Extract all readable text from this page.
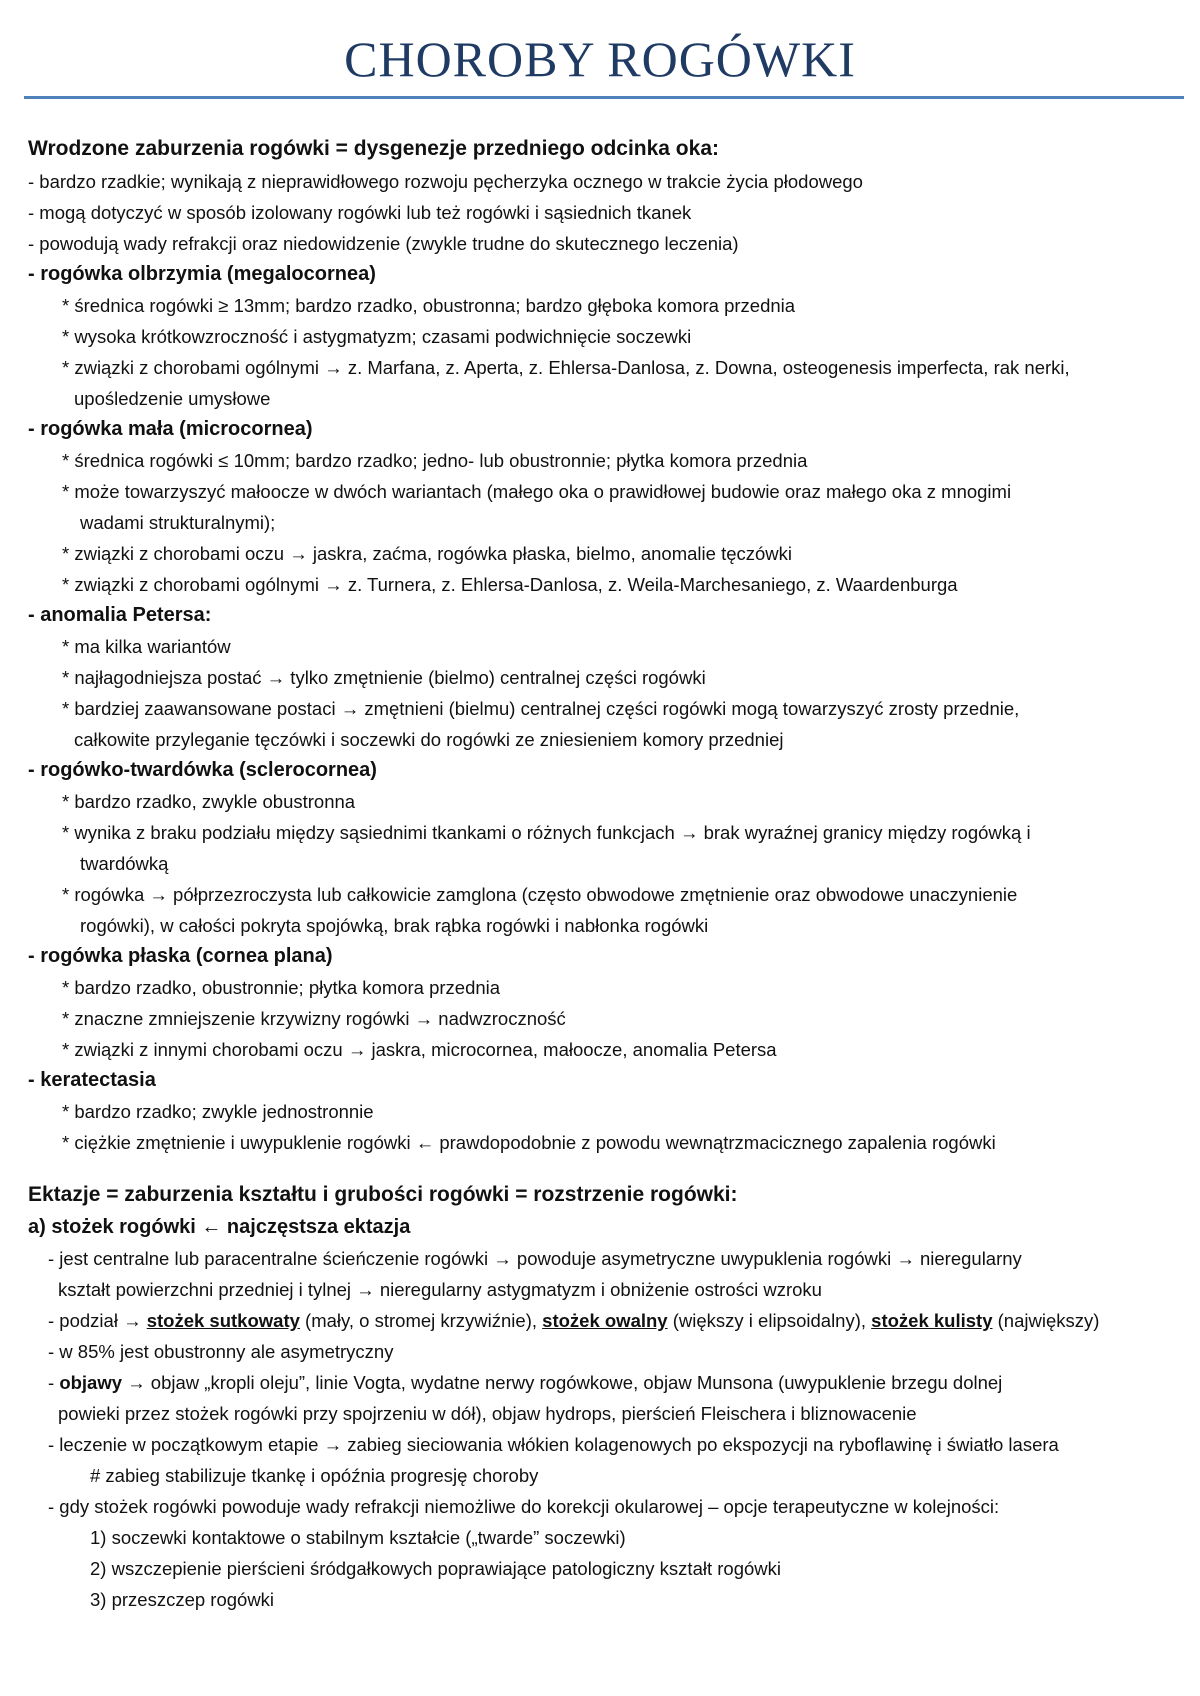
CHOROBY ROGÓWKI

Wrodzone zaburzenia rogówki = dysgenezje przedniego odcinka oka:

- bardzo rzadkie; wynikają z nieprawidłowego rozwoju pęcherzyka ocznego w trakcie życia płodowego

- mogą dotyczyć w sposób izolowany rogówki lub też rogówki i sąsiednich tkanek

- powodują wady refrakcji oraz niedowidzenie (zwykle trudne do skutecznego leczenia)

- rogówka olbrzymia (megalocornea)

* średnica rogówki ≥ 13mm; bardzo rzadko, obustronna; bardzo głęboka komora przednia

* wysoka krótkowzroczność i astygmatyzm; czasami podwichnięcie soczewki

* związki z chorobami ogólnymi → z. Marfana, z. Aperta, z. Ehlersa-Danlosa, z. Downa, osteogenesis imperfecta, rak nerki,

upośledzenie umysłowe

- rogówka mała (microcornea)

* średnica rogówki ≤ 10mm; bardzo rzadko; jedno- lub obustronnie; płytka komora przednia

* może towarzyszyć małoocze w dwóch wariantach (małego oka o prawidłowej budowie oraz małego oka z mnogimi

wadami strukturalnymi);

* związki z chorobami oczu → jaskra, zaćma, rogówka płaska, bielmo, anomalie tęczówki

* związki z chorobami ogólnymi → z. Turnera, z. Ehlersa-Danlosa, z. Weila-Marchesaniego, z. Waardenburga

- anomalia Petersa:

* ma kilka wariantów

* najłagodniejsza postać → tylko zmętnienie (bielmo) centralnej części rogówki

* bardziej zaawansowane postaci → zmętnieni (bielmu) centralnej części rogówki mogą towarzyszyć zrosty przednie,

całkowite przyleganie tęczówki i soczewki do rogówki ze zniesieniem komory przedniej

- rogówko-twardówka (sclerocornea)

* bardzo rzadko, zwykle obustronna

* wynika z braku podziału między sąsiednimi tkankami o różnych funkcjach → brak wyraźnej granicy między rogówką i

twardówką

* rogówka → półprzezroczysta lub całkowicie zamglona (często obwodowe zmętnienie oraz obwodowe unaczynienie

rogówki), w całości pokryta spojówką, brak rąbka rogówki i nabłonka rogówki

- rogówka płaska (cornea plana)

* bardzo rzadko, obustronnie; płytka komora przednia

* znaczne zmniejszenie krzywizny rogówki → nadwzroczność

* związki z innymi chorobami oczu → jaskra, microcornea, małoocze, anomalia Petersa

- keratectasia

* bardzo rzadko; zwykle jednostronnie

* ciężkie zmętnienie i uwypuklenie rogówki ← prawdopodobnie z powodu wewnątrzmacicznego zapalenia rogówki

Ektazje = zaburzenia kształtu i grubości rogówki = rozstrzenie rogówki:

a) stożek rogówki ← najczęstsza ektazja

- jest centralne lub paracentralne ścieńczenie rogówki → powoduje asymetryczne uwypuklenia rogówki → nieregularny

kształt powierzchni przedniej i tylnej → nieregularny astygmatyzm i obniżenie ostrości wzroku

- podział → stożek sutkowaty (mały, o stromej krzywiźnie), stożek owalny (większy i elipsoidalny), stożek kulisty (największy)

- w 85% jest obustronny ale asymetryczny

- objawy → objaw „kropli oleju”, linie Vogta, wydatne nerwy rogówkowe, objaw Munsona (uwypuklenie brzegu dolnej

powieki przez stożek rogówki przy spojrzeniu w dół), objaw hydrops, pierścień Fleischera i bliznowacenie

- leczenie w początkowym etapie → zabieg sieciowania włókien kolagenowych po ekspozycji na ryboflawinę i światło lasera

# zabieg stabilizuje tkankę i opóźnia progresję choroby

- gdy stożek rogówki powoduje wady refrakcji niemożliwe do korekcji okularowej – opcje terapeutyczne w kolejności:

1) soczewki kontaktowe o stabilnym kształcie („twarde” soczewki)

2) wszczepienie pierścieni śródgałkowych poprawiające patologiczny kształt rogówki

3) przeszczep rogówki
